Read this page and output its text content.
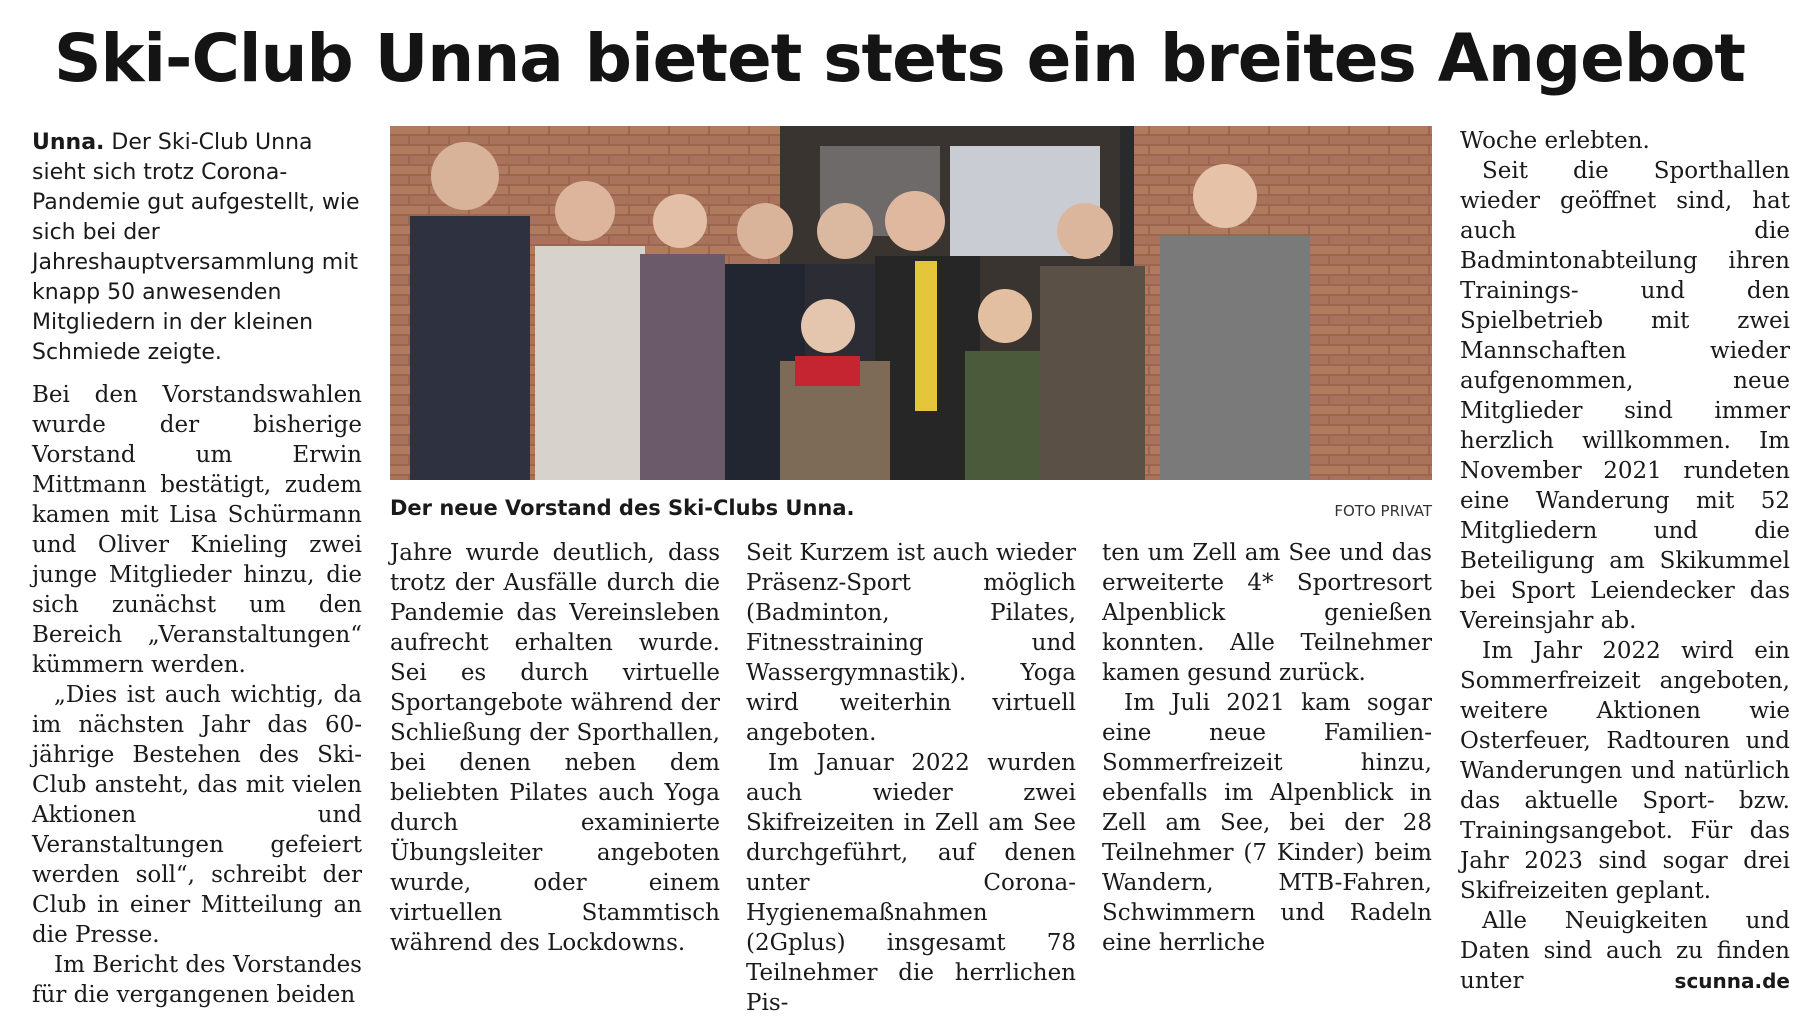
Ski-Club Unna bietet stets ein breites Angebot

Unna. Der Ski-Club Unna sieht sich trotz Corona-Pandemie gut aufgestellt, wie sich bei der Jahreshauptversammlung mit knapp 50 anwesenden Mitgliedern in der kleinen Schmiede zeigte.

Bei den Vorstandswahlen wurde der bisherige Vorstand um Erwin Mittmann bestätigt, zudem kamen mit Lisa Schürmann und Oliver Knieling zwei junge Mitglieder hinzu, die sich zunächst um den Bereich „Veranstaltungen“ kümmern werden.

„Dies ist auch wichtig, da im nächsten Jahr das 60-jährige Bestehen des Ski-Club ansteht, das mit vielen Aktionen und Veranstaltungen gefeiert werden soll“, schreibt der Club in einer Mitteilung an die Presse.

Im Bericht des Vorstandes für die vergangenen beiden

Der neue Vorstand des Ski-Clubs Unna.	FOTO PRIVAT

Jahre wurde deutlich, dass trotz der Ausfälle durch die Pandemie das Vereinsleben aufrecht erhalten wurde. Sei es durch virtuelle Sportangebote während der Schließung der Sporthallen, bei denen neben dem beliebten Pilates auch Yoga durch examinierte Übungsleiter angeboten wurde, oder einem virtuellen Stammtisch während des Lockdowns.

Seit Kurzem ist auch wieder Präsenz-Sport möglich (Badminton, Pilates, Fitnesstraining und Wassergymnastik). Yoga wird weiterhin virtuell angeboten.

Im Januar 2022 wurden auch wieder zwei Skifreizeiten in Zell am See durchgeführt, auf denen unter Corona-Hygienemaßnahmen (2Gplus) insgesamt 78 Teilnehmer die herrlichen Pis-

ten um Zell am See und das erweiterte 4* Sportresort Alpenblick genießen konnten. Alle Teilnehmer kamen gesund zurück.

Im Juli 2021 kam sogar eine neue Familien-Sommerfreizeit hinzu, ebenfalls im Alpenblick in Zell am See, bei der 28 Teilnehmer (7 Kinder) beim Wandern, MTB-Fahren, Schwimmern und Radeln eine herrliche

Woche erlebten.

Seit die Sporthallen wieder geöffnet sind, hat auch die Badmintonabteilung ihren Trainings- und den Spielbetrieb mit zwei Mannschaften wieder aufgenommen, neue Mitglieder sind immer herzlich willkommen. Im November 2021 rundeten eine Wanderung mit 52 Mitgliedern und die Beteiligung am Skikummel bei Sport Leiendecker das Vereinsjahr ab.

Im Jahr 2022 wird ein Sommerfreizeit angeboten, weitere Aktionen wie Osterfeuer, Radtouren und Wanderungen und natürlich das aktuelle Sport- bzw. Trainingsangebot. Für das Jahr 2023 sind sogar drei Skifreizeiten geplant.

Alle Neuigkeiten und Daten sind auch zu finden unter	scunna.de
